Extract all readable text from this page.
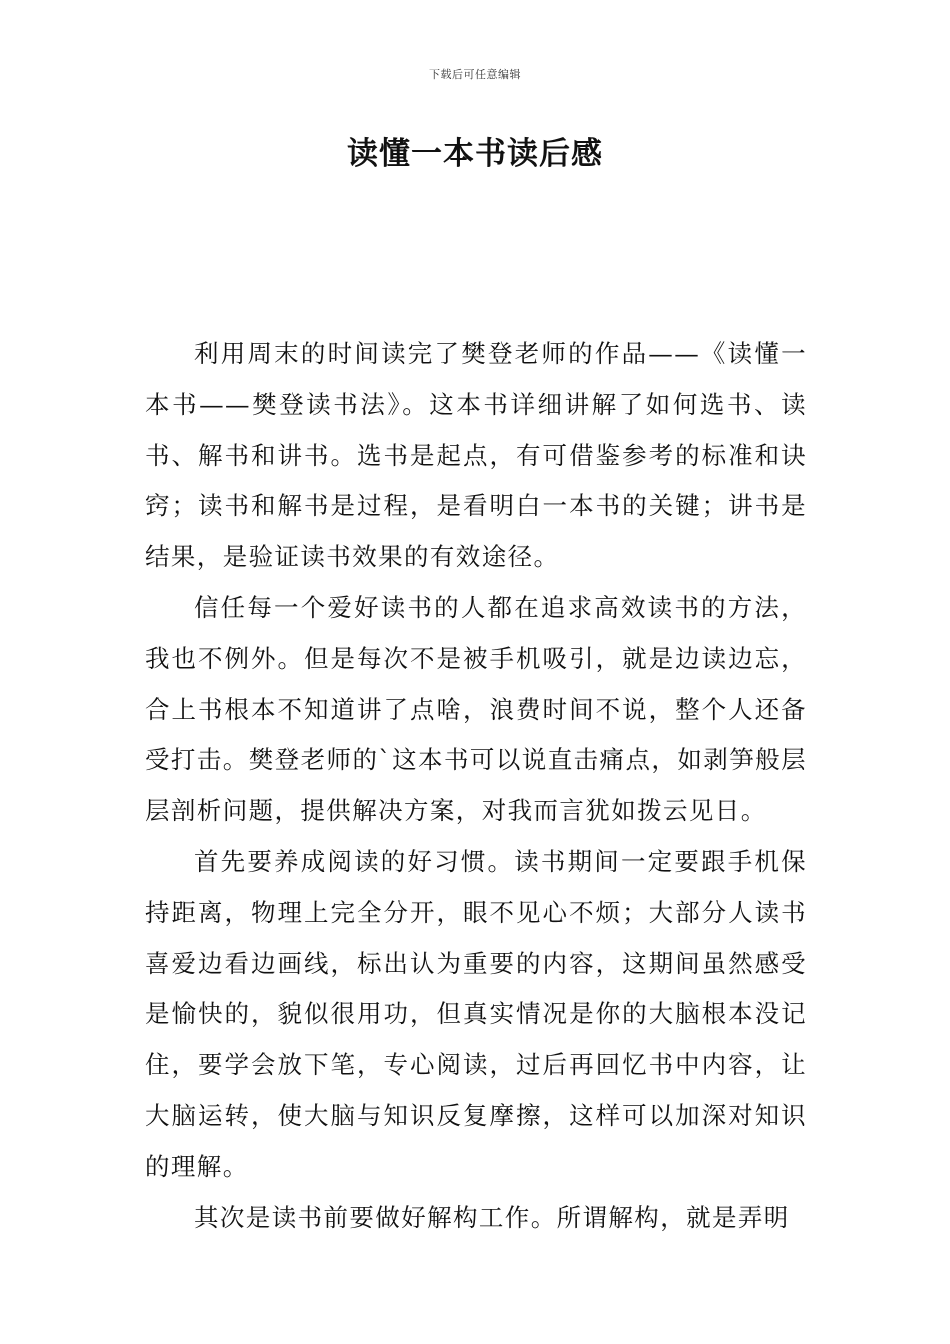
下载后可任意编辑
读懂一本书读后感

利用周末的时间读完了樊登老师的作品——《读懂一本书——樊登读书法》。这本书详细讲解了如何选书、读书、解书和讲书。选书是起点，有可借鉴参考的标准和诀窍；读书和解书是过程，是看明白一本书的关键；讲书是结果，是验证读书效果的有效途径。

信任每一个爱好读书的人都在追求高效读书的方法，我也不例外。但是每次不是被手机吸引，就是边读边忘，合上书根本不知道讲了点啥，浪费时间不说，整个人还备受打击。樊登老师的`这本书可以说直击痛点，如剥笋般层层剖析问题，提供解决方案，对我而言犹如拨云见日。

首先要养成阅读的好习惯。读书期间一定要跟手机保持距离，物理上完全分开，眼不见心不烦；大部分人读书喜爱边看边画线，标出认为重要的内容，这期间虽然感受是愉快的，貌似很用功，但真实情况是你的大脑根本没记住，要学会放下笔，专心阅读，过后再回忆书中内容，让大脑运转，使大脑与知识反复摩擦，这样可以加深对知识的理解。

其次是读书前要做好解构工作。所谓解构，就是弄明
